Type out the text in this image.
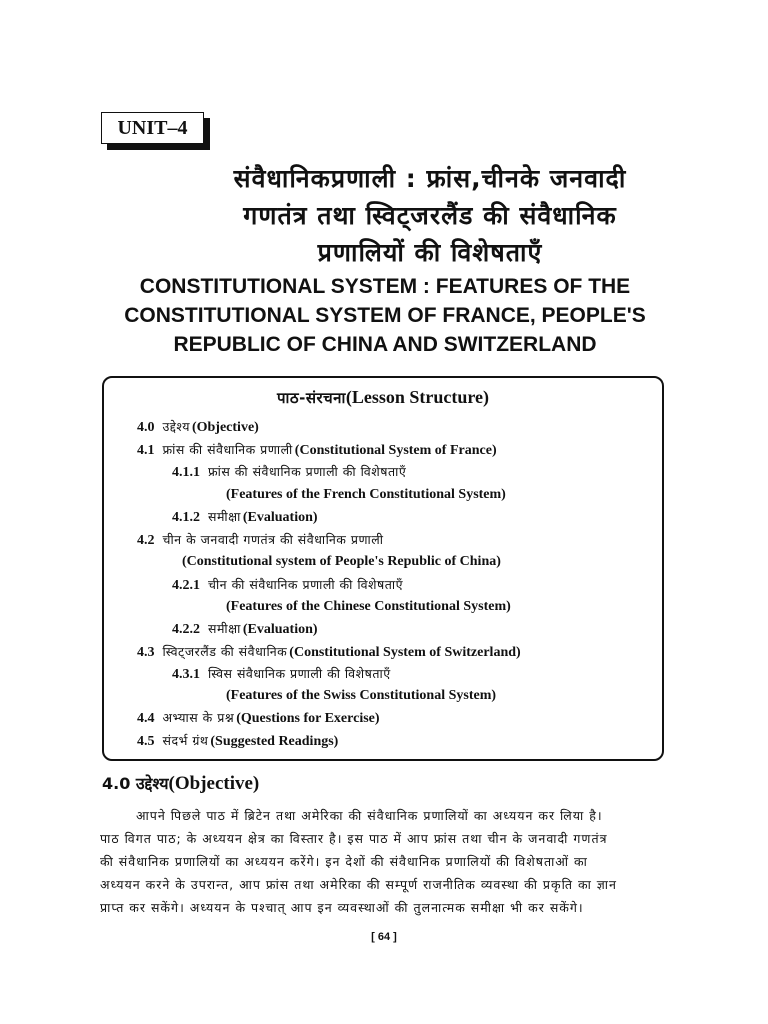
UNIT–4
संवैधानिकप्रणाली : फ्रांस,चीनके जनवादी
गणतंत्र तथा स्विट्जरलैंड की संवैधानिक
प्रणालियों की विशेषताएँ
CONSTITUTIONAL SYSTEM : FEATURES OF THE
CONSTITUTIONAL SYSTEM OF FRANCE, PEOPLE'S
REPUBLIC OF CHINA AND SWITZERLAND
पाठ-संरचना(Lesson Structure)
4.0 उद्देश्य (Objective)
4.1 फ्रांस की संवैधानिक प्रणाली (Constitutional System of France)
4.1.1 फ्रांस की संवैधानिक प्रणाली की विशेषताएँ
(Features of the French Constitutional System)
4.1.2 समीक्षा (Evaluation)
4.2 चीन के जनवादी गणतंत्र की संवैधानिक प्रणाली
(Constitutional system of People's Republic of China)
4.2.1 चीन की संवैधानिक प्रणाली की विशेषताएँ
(Features of the Chinese Constitutional System)
4.2.2 समीक्षा (Evaluation)
4.3 स्विट्जरलैंड की संवैधानिक (Constitutional System of Switzerland)
4.3.1 स्विस संवैधानिक प्रणाली की विशेषताएँ
(Features of the Swiss Constitutional System)
4.4 अभ्यास के प्रश्न (Questions for Exercise)
4.5 संदर्भ ग्रंथ (Suggested Readings)
4.0 उद्देश्य(Objective)
आपने पिछले पाठ में ब्रिटेन तथा अमेरिका की संवैधानिक प्रणालियों का अध्ययन कर लिया है।
पाठ विगत पाठ; के अध्ययन क्षेत्र का विस्तार है। इस पाठ में आप फ्रांस तथा चीन के जनवादी गणतंत्र
की संवैधानिक प्रणालियों का अध्ययन करेंगे। इन देशों की संवैधानिक प्रणालियों की विशेषताओं का
अध्ययन करने के उपरान्त, आप फ्रांस तथा अमेरिका की सम्पूर्ण राजनीतिक व्यवस्था की प्रकृति का ज्ञान
प्राप्त कर सकेंगे। अध्ययन के पश्चात् आप इन व्यवस्थाओं की तुलनात्मक समीक्षा भी कर सकेंगे।
[ 64 ]
